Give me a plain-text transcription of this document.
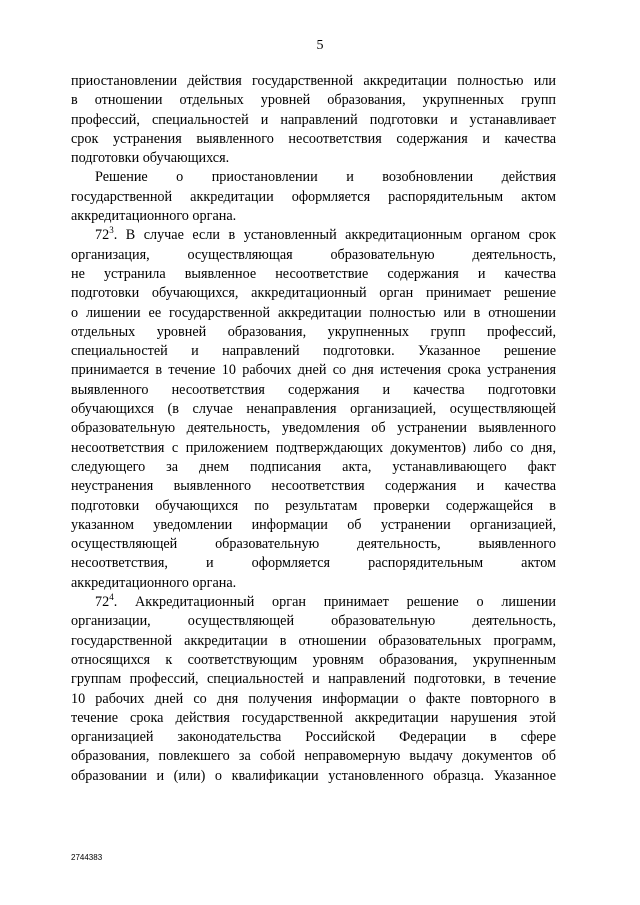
5
приостановлении действия государственной аккредитации полностью или
в отношении отдельных уровней образования, укрупненных групп
профессий, специальностей и направлений подготовки и устанавливает
срок устранения выявленного несоответствия содержания и качества
подготовки обучающихся.
Решение о приостановлении и возобновлении действия
государственной аккредитации оформляется распорядительным актом
аккредитационного органа.
$72^3$. В случае если в установленный аккредитационным органом срок
организация, осуществляющая образовательную деятельность,
не устранила выявленное несоответствие содержания и качества
подготовки обучающихся, аккредитационный орган принимает решение
о лишении ее государственной аккредитации полностью или в отношении
отдельных уровней образования, укрупненных групп профессий,
специальностей и направлений подготовки. Указанное решение
принимается в течение 10 рабочих дней со дня истечения срока устранения
выявленного несоответствия содержания и качества подготовки
обучающихся (в случае ненаправления организацией, осуществляющей
образовательную деятельность, уведомления об устранении выявленного
несоответствия с приложением подтверждающих документов) либо со дня,
следующего за днем подписания акта, устанавливающего факт
неустранения выявленного несоответствия содержания и качества
подготовки обучающихся по результатам проверки содержащейся в
указанном уведомлении информации об устранении организацией,
осуществляющей образовательную деятельность, выявленного
несоответствия, и оформляется распорядительным актом
аккредитационного органа.
$72^4$. Аккредитационный орган принимает решение о лишении
организации, осуществляющей образовательную деятельность,
государственной аккредитации в отношении образовательных программ,
относящихся к соответствующим уровням образования, укрупненным
группам профессий, специальностей и направлений подготовки, в течение
10 рабочих дней со дня получения информации о факте повторного в
течение срока действия государственной аккредитации нарушения этой
организацией законодательства Российской Федерации в сфере
образования, повлекшего за собой неправомерную выдачу документов об
образовании и (или) о квалификации установленного образца. Указанное
2744383
